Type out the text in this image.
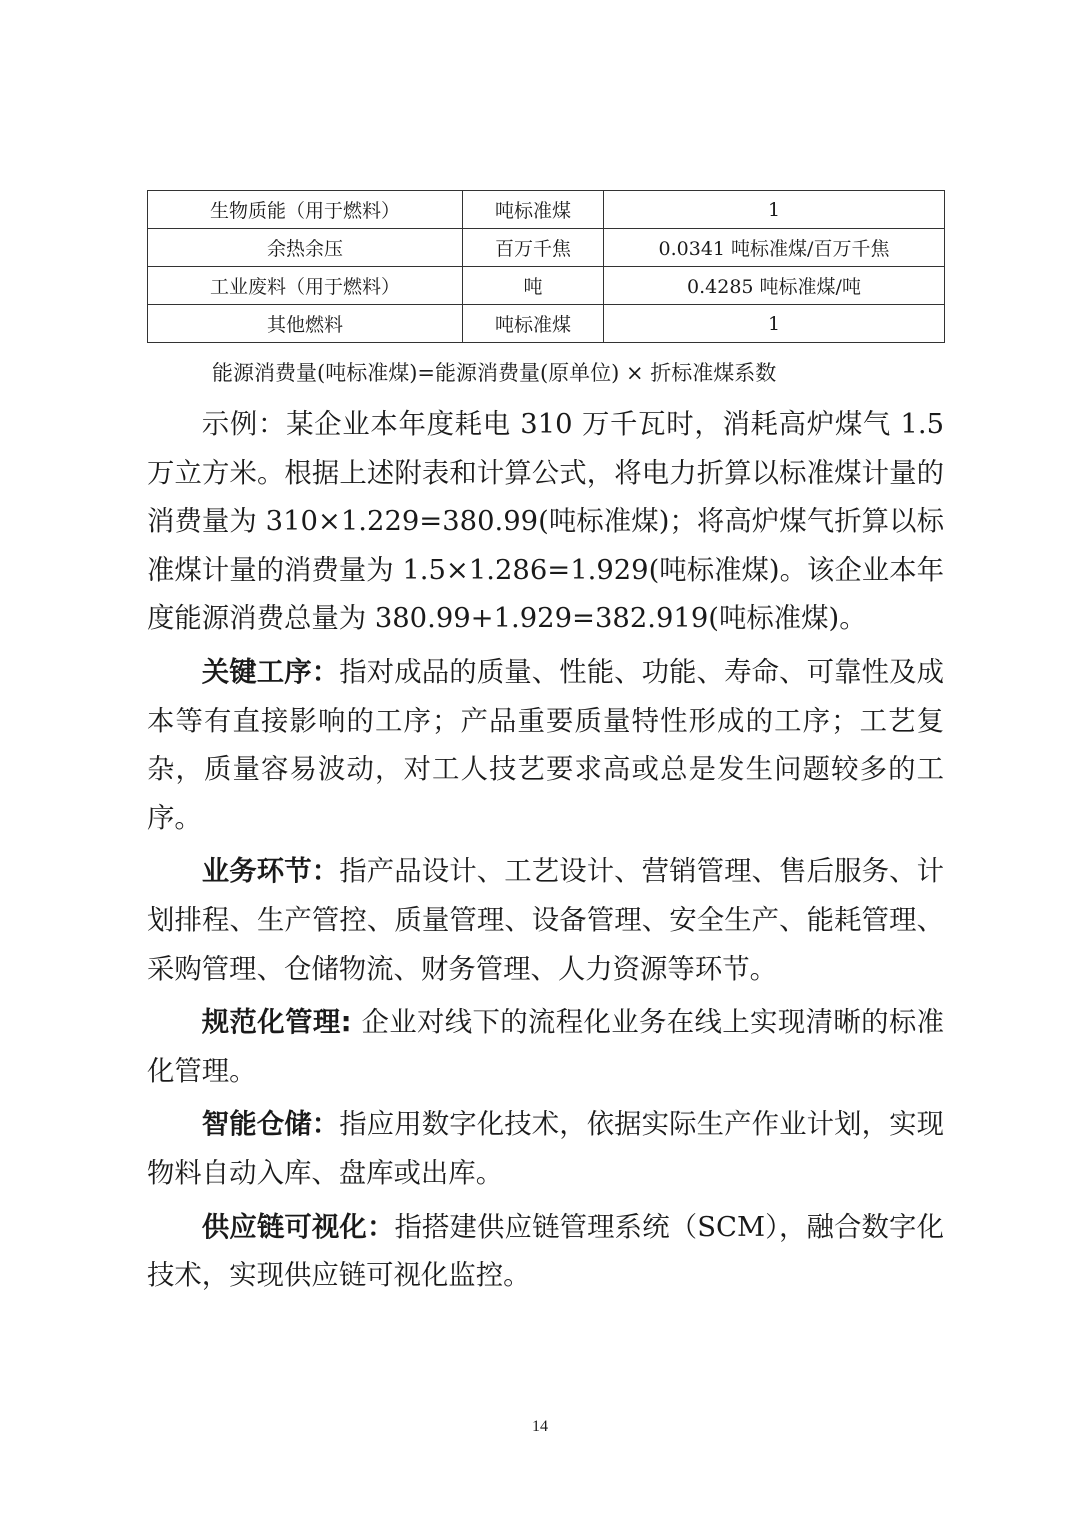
生物质能（用于燃料）	吨标准煤	1
余热余压	百万千焦	0.0341 吨标准煤/百万千焦
工业废料（用于燃料）	吨	0.4285 吨标准煤/吨
其他燃料	吨标准煤	1
能源消费量(吨标准煤)=能源消费量(原单位) × 折标准煤系数

示例：某企业本年度耗电 310 万千瓦时，消耗高炉煤气 1.5 万立方米。根据上述附表和计算公式，将电力折算以标准煤计量的消费量为 310×1.229=380.99(吨标准煤)；将高炉煤气折算以标准煤计量的消费量为 1.5×1.286=1.929(吨标准煤)。该企业本年度能源消费总量为 380.99+1.929=382.919(吨标准煤)。

关键工序：指对成品的质量、性能、功能、寿命、可靠性及成本等有直接影响的工序；产品重要质量特性形成的工序；工艺复杂，质量容易波动，对工人技艺要求高或总是发生问题较多的工序。

业务环节：指产品设计、工艺设计、营销管理、售后服务、计划排程、生产管控、质量管理、设备管理、安全生产、能耗管理、采购管理、仓储物流、财务管理、人力资源等环节。

规范化管理: 企业对线下的流程化业务在线上实现清晰的标准化管理。

智能仓储：指应用数字化技术，依据实际生产作业计划，实现物料自动入库、盘库或出库。

供应链可视化：指搭建供应链管理系统（SCM），融合数字化技术，实现供应链可视化监控。

14
